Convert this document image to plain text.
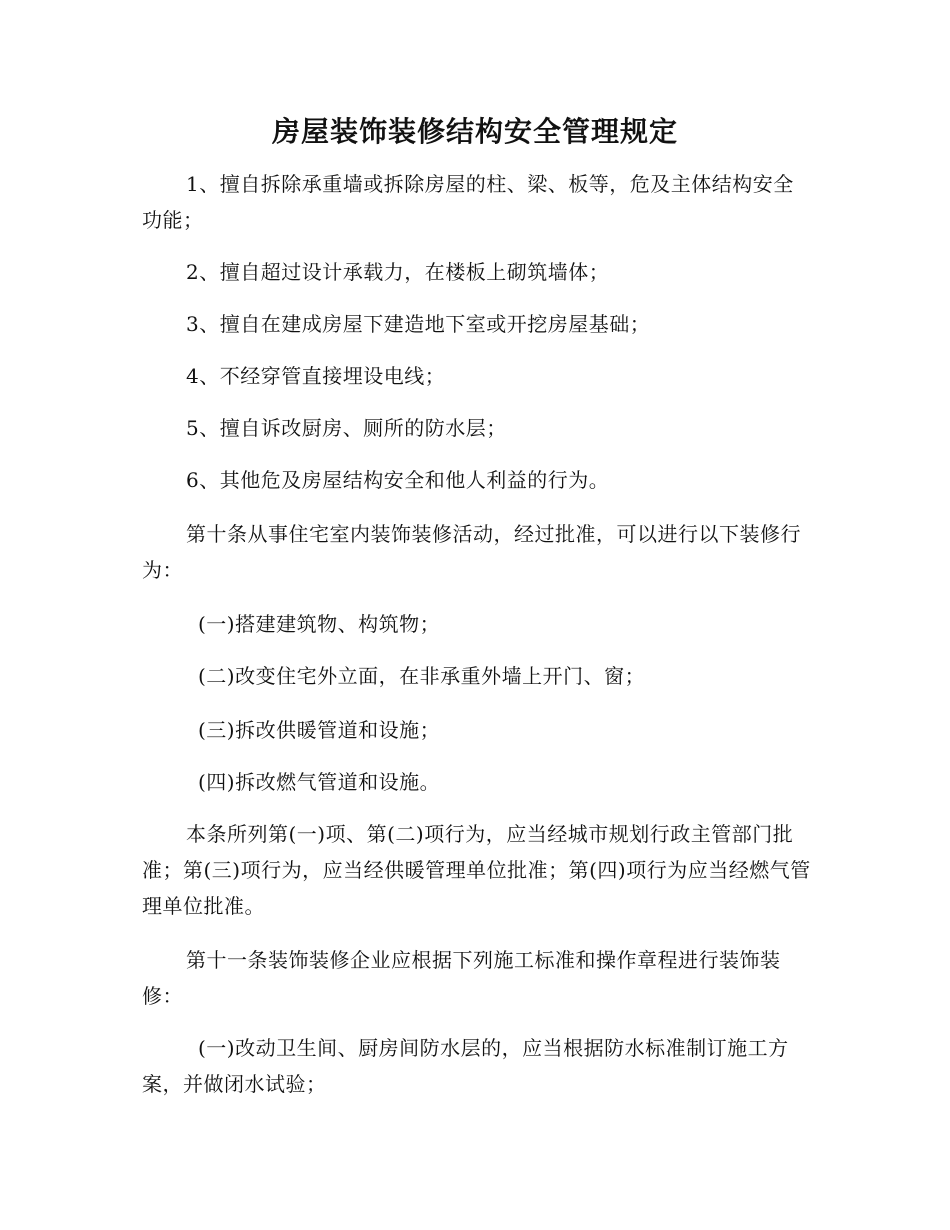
房屋装饰装修结构安全管理规定

1、擅自拆除承重墙或拆除房屋的柱、梁、板等，危及主体结构安全功能；

2、擅自超过设计承载力，在楼板上砌筑墙体；

3、擅自在建成房屋下建造地下室或开挖房屋基础；

4、不经穿管直接埋设电线；

5、擅自诉改厨房、厕所的防水层；

6、其他危及房屋结构安全和他人利益的行为。

第十条从事住宅室内装饰装修活动，经过批准，可以进行以下装修行为：

(一)搭建建筑物、构筑物；

(二)改变住宅外立面，在非承重外墙上开门、窗；

(三)拆改供暖管道和设施；

(四)拆改燃气管道和设施。

本条所列第(一)项、第(二)项行为，应当经城市规划行政主管部门批准；第(三)项行为，应当经供暖管理单位批准；第(四)项行为应当经燃气管理单位批准。

第十一条装饰装修企业应根据下列施工标准和操作章程进行装饰装修：

(一)改动卫生间、厨房间防水层的，应当根据防水标准制订施工方案，并做闭水试验；
